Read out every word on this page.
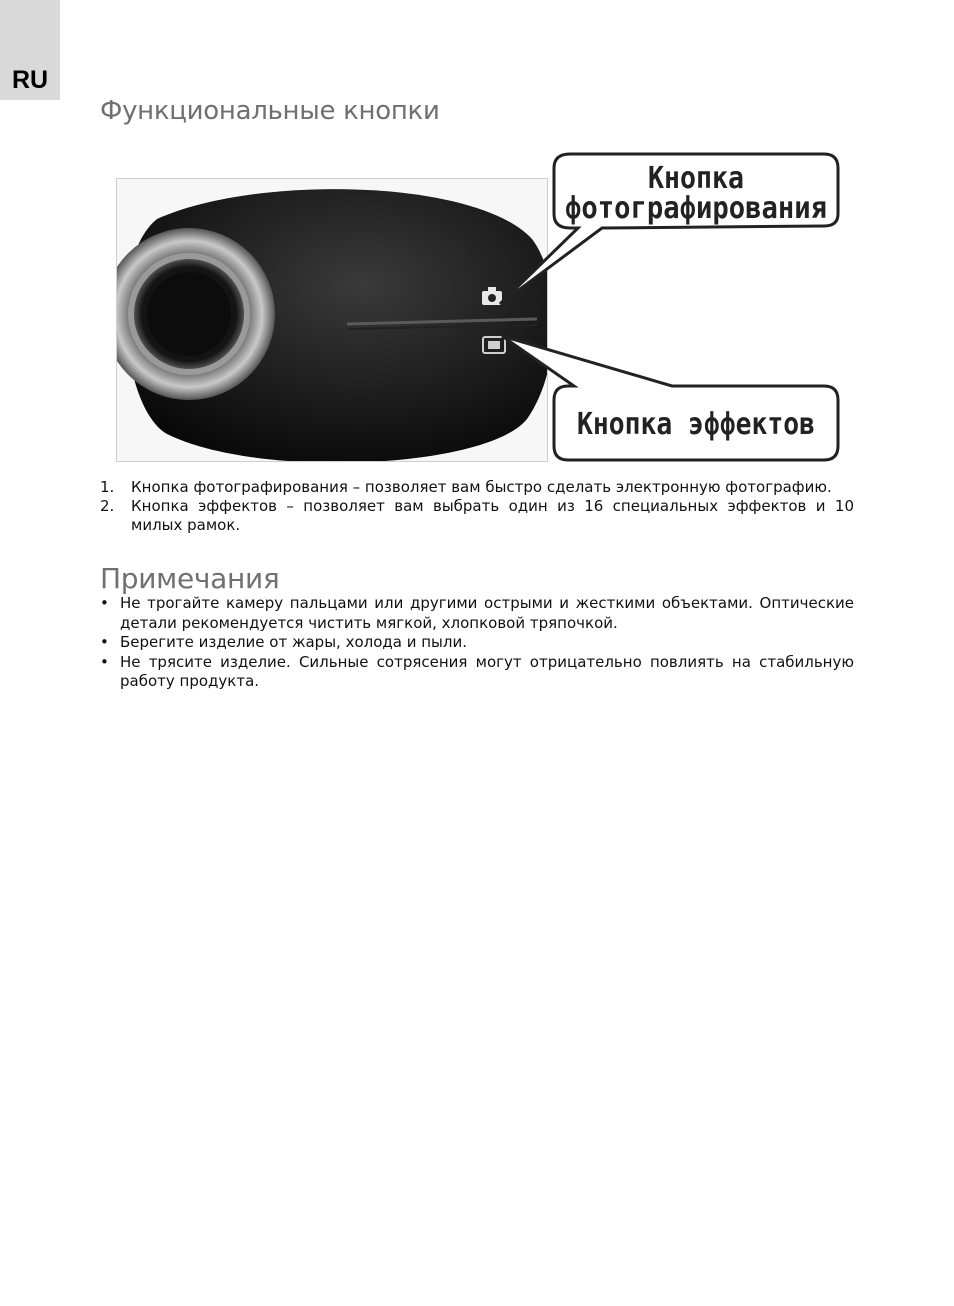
RU
Функциональные кнопки
Кнопка
фотографирования
Кнопка эффектов
1. Кнопка фотографирования – позволяет вам быстро сделать электронную фотографию.
2. Кнопка эффектов – позволяет вам выбрать один из 16 специальных эффектов и 10 милых рамок.
Примечания
• Не трогайте камеру пальцами или другими острыми и жесткими объектами. Оптические детали рекомендуется чистить мягкой, хлопковой тряпочкой.
• Берегите изделие от жары, холода и пыли.
• Не трясите изделие. Сильные сотрясения могут отрицательно повлиять на стабильную работу продукта.
